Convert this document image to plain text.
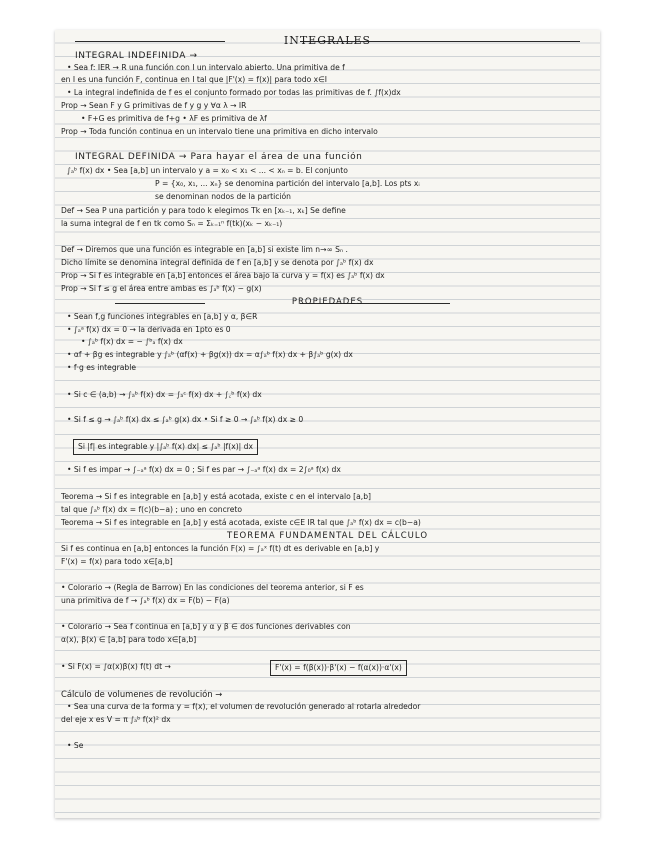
INTEGRALES
INTEGRAL INDEFINIDA →
• Sea f: IER → R una función con I un intervalo abierto. Una primitiva de f
en I es una función F, continua en I tal que |F'(x) = f(x)| para todo x∈I
• La integral indefinida de f es el conjunto formado por todas las primitivas de f. ∫f(x)dx
Prop → Sean F y G primitivas de f y g y ∀α λ → IR
• F+G es primitiva de f+g • λF es primitiva de λf
Prop → Toda función continua en un intervalo tiene una primitiva en dicho intervalo
INTEGRAL DEFINIDA → Para hayar el área de una función
∫ₐᵇ f(x) dx • Sea [a,b] un intervalo y a = x₀ < x₁ < ... < xₙ = b. El conjunto
P = {x₀, x₁, ... xₙ} se denomina partición del intervalo [a,b]. Los pts xᵢ
se denominan nodos de la partición
Def → Sea P una partición y para todo k elegimos Tk en [xₖ₋₁, xₖ] Se define
la suma integral de f en tk como Sₙ = Σₖ₌₁ⁿ f(tk)(xₖ − xₖ₋₁)
Def → Diremos que una función es integrable en [a,b] si existe lim n→∞ Sₙ .
Dicho límite se denomina integral definida de f en [a,b] y se denota por ∫ₐᵇ f(x) dx
Prop → Si f es integrable en [a,b] entonces el área bajo la curva y = f(x) es ∫ₐᵇ f(x) dx
Prop → Si f ≤ g el área entre ambas es ∫ₐᵇ f(x) − g(x)
PROPIEDADES
• Sean f,g funciones integrables en [a,b] y α, β∈R
• ∫ₐᵃ f(x) dx = 0 → la derivada en 1pto es 0
• ∫ₐᵇ f(x) dx = − ∫ᵇₐ f(x) dx
• αf + βg es integrable y ∫ₐᵇ (αf(x) + βg(x)) dx = α∫ₐᵇ f(x) dx + β∫ₐᵇ g(x) dx
• f·g es integrable
• Si c ∈ (a,b) → ∫ₐᵇ f(x) dx = ∫ₐᶜ f(x) dx + ∫꜀ᵇ f(x) dx
• Si f ≤ g → ∫ₐᵇ f(x) dx ≤ ∫ₐᵇ g(x) dx • Si f ≥ 0 → ∫ₐᵇ f(x) dx ≥ 0
Si |f| es integrable y |∫ₐᵇ f(x) dx| ≤ ∫ₐᵇ |f(x)| dx
• Si f es impar → ∫₋ₐᵃ f(x) dx = 0 ; Si f es par → ∫₋ₐᵃ f(x) dx = 2∫₀ᵃ f(x) dx
Teorema → Si f es integrable en [a,b] y está acotada, existe c en el intervalo [a,b]
tal que ∫ₐᵇ f(x) dx = f(c)(b−a) ; uno en concreto
Teorema → Si f es integrable en [a,b] y está acotada, existe c∈E IR tal que ∫ₐᵇ f(x) dx = c(b−a)
TEOREMA FUNDAMENTAL DEL CÁLCULO
Si f es continua en [a,b] entonces la función F(x) = ∫ₐˣ f(t) dt es derivable en [a,b] y
F'(x) = f(x) para todo x∈[a,b]
• Colorario → (Regla de Barrow) En las condiciones del teorema anterior, si F es
una primitiva de f → ∫ₐᵇ f(x) dx = F(b) − F(a)
• Colorario → Sea f continua en [a,b] y α y β ∈ dos funciones derivables con
α(x), β(x) ∈ [a,b] para todo x∈[a,b]
• Si F(x) = ∫α(x)β(x) f(t) dt →	F'(x) = f(β(x))·β'(x) − f(α(x))·α'(x)
Cálculo de volumenes de revolución →
• Sea una curva de la forma y = f(x), el volumen de revolución generado al rotarla alrededor
del eje x es V = π ∫ₐᵇ f(x)² dx
• Se
